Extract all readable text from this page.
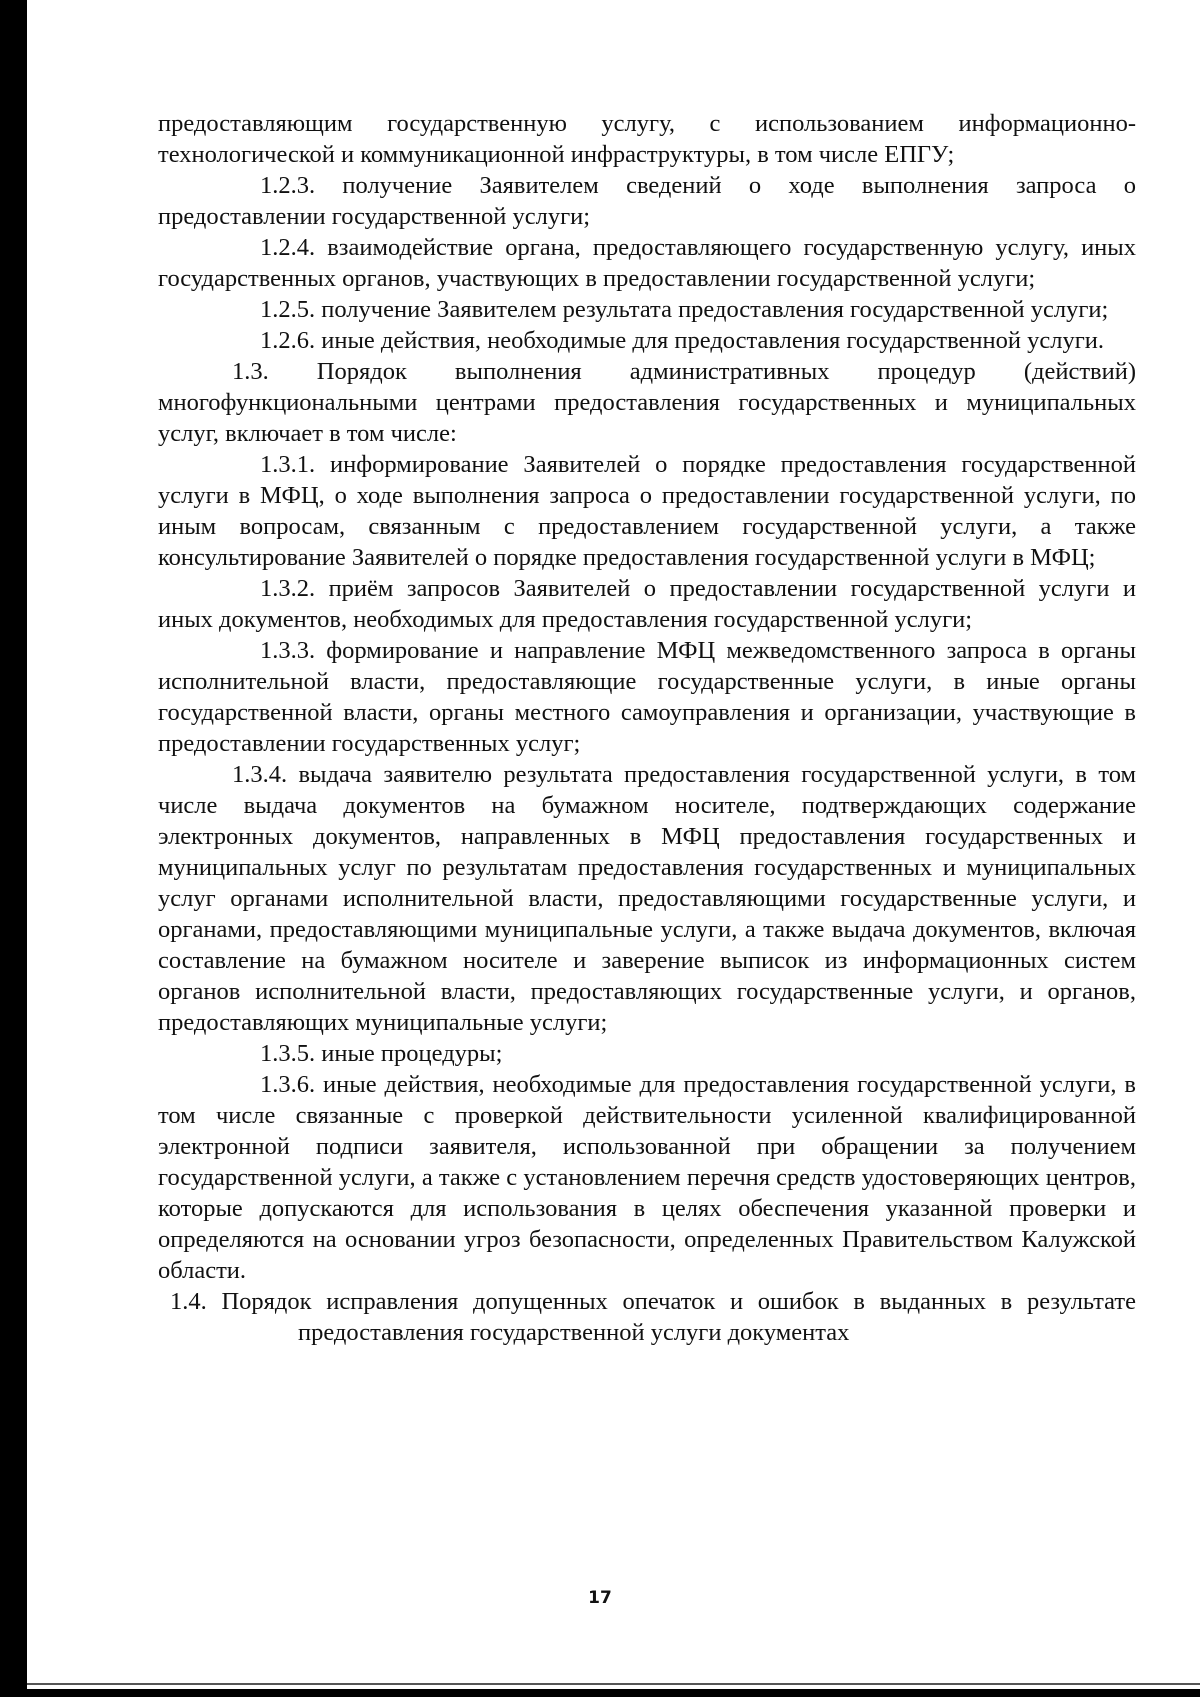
предоставляющим государственную услугу, с использованием информационно-технологической и коммуникационной инфраструктуры, в том числе ЕПГУ;

1.2.3. получение Заявителем сведений о ходе выполнения запроса о предоставлении государственной услуги;

1.2.4. взаимодействие органа, предоставляющего государственную услугу, иных государственных органов, участвующих в предоставлении государственной услуги;

1.2.5. получение Заявителем результата предоставления государственной услуги;

1.2.6. иные действия, необходимые для предоставления государственной услуги.

1.3. Порядок выполнения административных процедур (действий) многофункциональными центрами предоставления государственных и муниципальных услуг, включает в том числе:

1.3.1. информирование Заявителей о порядке предоставления государственной услуги в МФЦ, о ходе выполнения запроса о предоставлении государственной услуги, по иным вопросам, связанным с предоставлением государственной услуги, а также консультирование Заявителей о порядке предоставления государственной услуги в МФЦ;

1.3.2. приём запросов Заявителей о предоставлении государственной услуги и иных документов, необходимых для предоставления государственной услуги;

1.3.3. формирование и направление МФЦ межведомственного запроса в органы исполнительной власти, предоставляющие государственные услуги, в иные органы государственной власти, органы местного самоуправления и организации, участвующие в предоставлении государственных услуг;

1.3.4. выдача заявителю результата предоставления государственной услуги, в том числе выдача документов на бумажном носителе, подтверждающих содержание электронных документов, направленных в МФЦ предоставления государственных и муниципальных услуг по результатам предоставления государственных и муниципальных услуг органами исполнительной власти, предоставляющими государственные услуги, и органами, предоставляющими муниципальные услуги, а также выдача документов, включая составление на бумажном носителе и заверение выписок из информационных систем органов исполнительной власти, предоставляющих государственные услуги, и органов, предоставляющих муниципальные услуги;

1.3.5. иные процедуры;

1.3.6. иные действия, необходимые для предоставления государственной услуги, в том числе связанные с проверкой действительности усиленной квалифицированной электронной подписи заявителя, использованной при обращении за получением государственной услуги, а также с установлением перечня средств удостоверяющих центров, которые допускаются для использования в целях обеспечения указанной проверки и определяются на основании угроз безопасности, определенных Правительством Калужской области.

1.4. Порядок исправления допущенных опечаток и ошибок в выданных в результате предоставления государственной услуги документах

17
